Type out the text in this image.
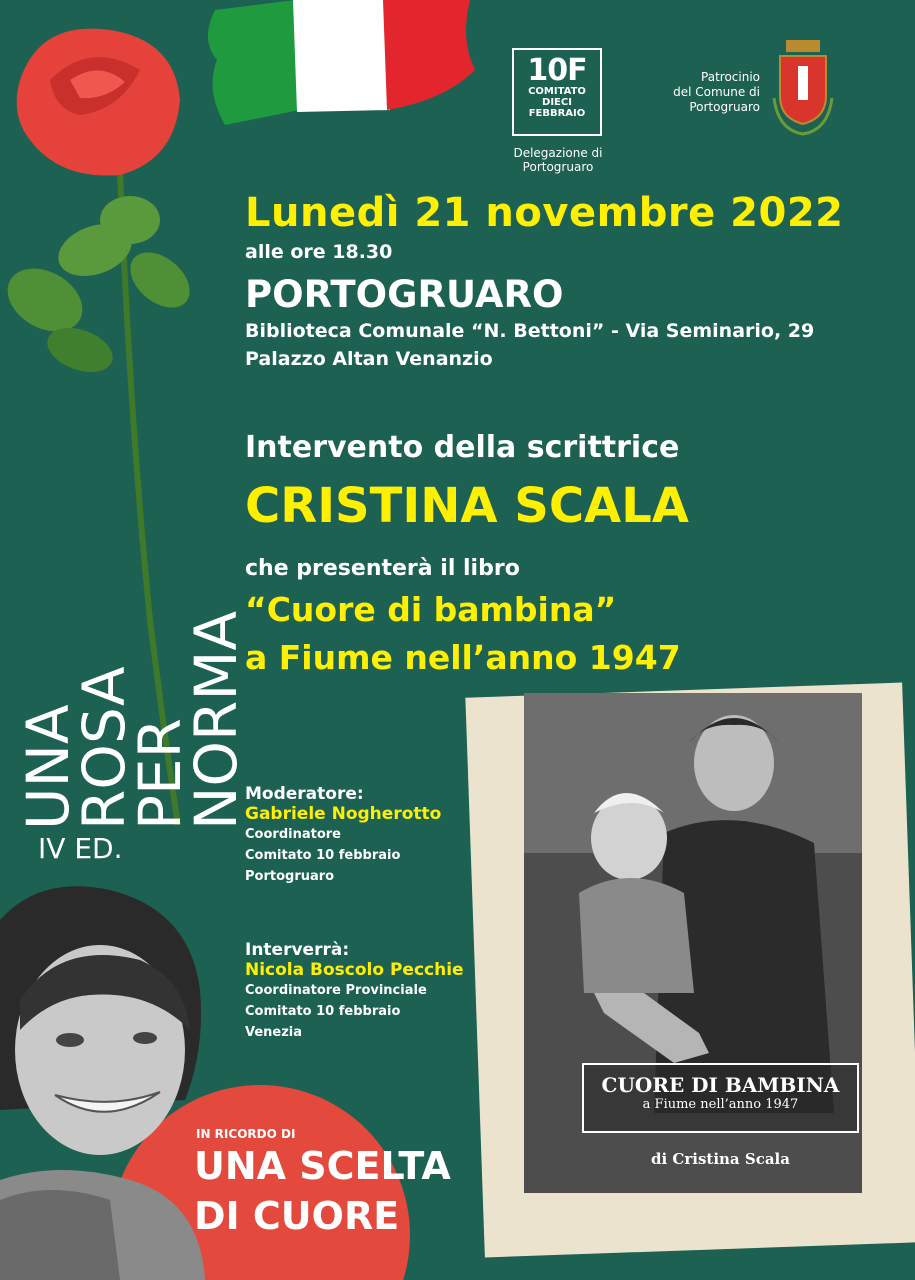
10F
COMITATO
DIECI
FEBBRAIO
Delegazione di Portogruaro
Patrocinio
del Comune di
Portogruaro
Lunedì 21 novembre 2022
alle ore 18.30
PORTOGRUARO
Biblioteca Comunale “N. Bettoni” - Via Seminario, 29
Palazzo Altan Venanzio
Intervento della scrittrice
CRISTINA SCALA
che presenterà il libro
“Cuore di bambina”
a Fiume nell’anno 1947
UNA ROSA
PER NORMA
IV ED.
Moderatore:
Gabriele Nogherotto
Coordinatore
Comitato 10 febbraio
Portogruaro
Interverrà:
Nicola Boscolo Pecchie
Coordinatore Provinciale
Comitato 10 febbraio
Venezia
IN RICORDO DI
UNA SCELTA
DI CUORE
CUORE DI BAMBINA
a Fiume nell’anno 1947
di Cristina Scala
